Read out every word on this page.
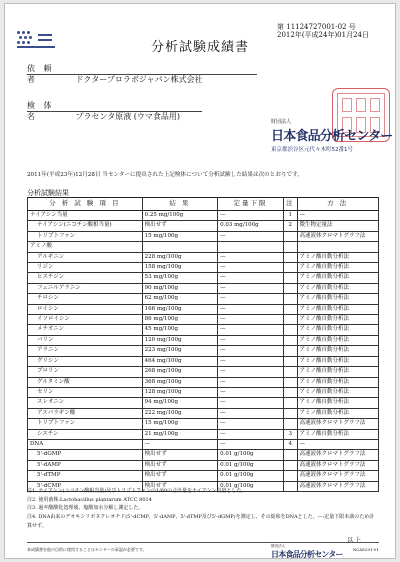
第 11124727001-02 号
2012年(平成24年)01月24日
分析試験成績書
依 頼 者	ドクタープロラボジャパン株式会社
検 体 名	プラセンタ原液 (ウマ食品用)
財団法人
日本食品分析センター
東京都渋谷区元代々木町52番1号
2011年(平成23年)12月28日 当センターに提出された上記検体について分析試験した結果は次のとおりです。
分析試験結果
分 析 試 験 項 目	結 果	定量下限	注	方 法
ナイアシン当量	0.25 mg/100g	—	1	—
ナイアシン(ニコチン酸相当量)	検出せず	0.03 mg/100g	2	微生物定量法
トリプトファン	15 mg/100g	—		高速液体クロマトグラフ法
アミノ酸				
アルギニン	228 mg/100g	—		アミノ酸自動分析法
リジン	158 mg/100g	—		アミノ酸自動分析法
ヒスチジン	53 mg/100g	—		アミノ酸自動分析法
フェニルアラニン	90 mg/100g	—		アミノ酸自動分析法
チロシン	62 mg/100g	—		アミノ酸自動分析法
ロイシン	166 mg/100g	—		アミノ酸自動分析法
イソロイシン	86 mg/100g	—		アミノ酸自動分析法
メチオニン	45 mg/100g	—		アミノ酸自動分析法
バリン	120 mg/100g	—		アミノ酸自動分析法
アラニン	223 mg/100g	—		アミノ酸自動分析法
グリシン	464 mg/100g	—		アミノ酸自動分析法
プロリン	268 mg/100g	—		アミノ酸自動分析法
グルタミン酸	368 mg/100g	—		アミノ酸自動分析法
セリン	128 mg/100g	—		アミノ酸自動分析法
スレオニン	94 mg/100g	—		アミノ酸自動分析法
アスパラギン酸	222 mg/100g	—		アミノ酸自動分析法
トリプトファン	15 mg/100g	—		高速液体クロマトグラフ法
シスチン	21 mg/100g	—	3	アミノ酸自動分析法
DNA	—	—	4	—
5'-dGMP	検出せず	0.01 g/100g		高速液体クロマトグラフ法
5'-dAMP	検出せず	0.01 g/100g		高速液体クロマトグラフ法
5'-dTMP	検出せず	0.01 g/100g		高速液体クロマトグラフ法
5'-dCMP	検出せず	0.01 g/100g		高速液体クロマトグラフ法
注1. ナイアシン(ニコチン酸相当量)及びトリプトファンの1/60の合計量をナイアシン当量とした。
注2. 使用菌株:Lactobacillus plantarum ATCC 8014
注3. 過ギ酸酸化処理後、塩酸加水分解し測定した。
注4. DNA由来のデオキシリボヌクレオチド(5'-dCMP、5'-dAMP、5'-dTMP及び5'-dGMP)を測定し、その総和をDNAとした。—:定量下限未満のため計算せず。
以 上
本成績書を他の目的に使用することはセンターの承認が必要です。
財団法人
日本食品分析センター
NCAS201-01
